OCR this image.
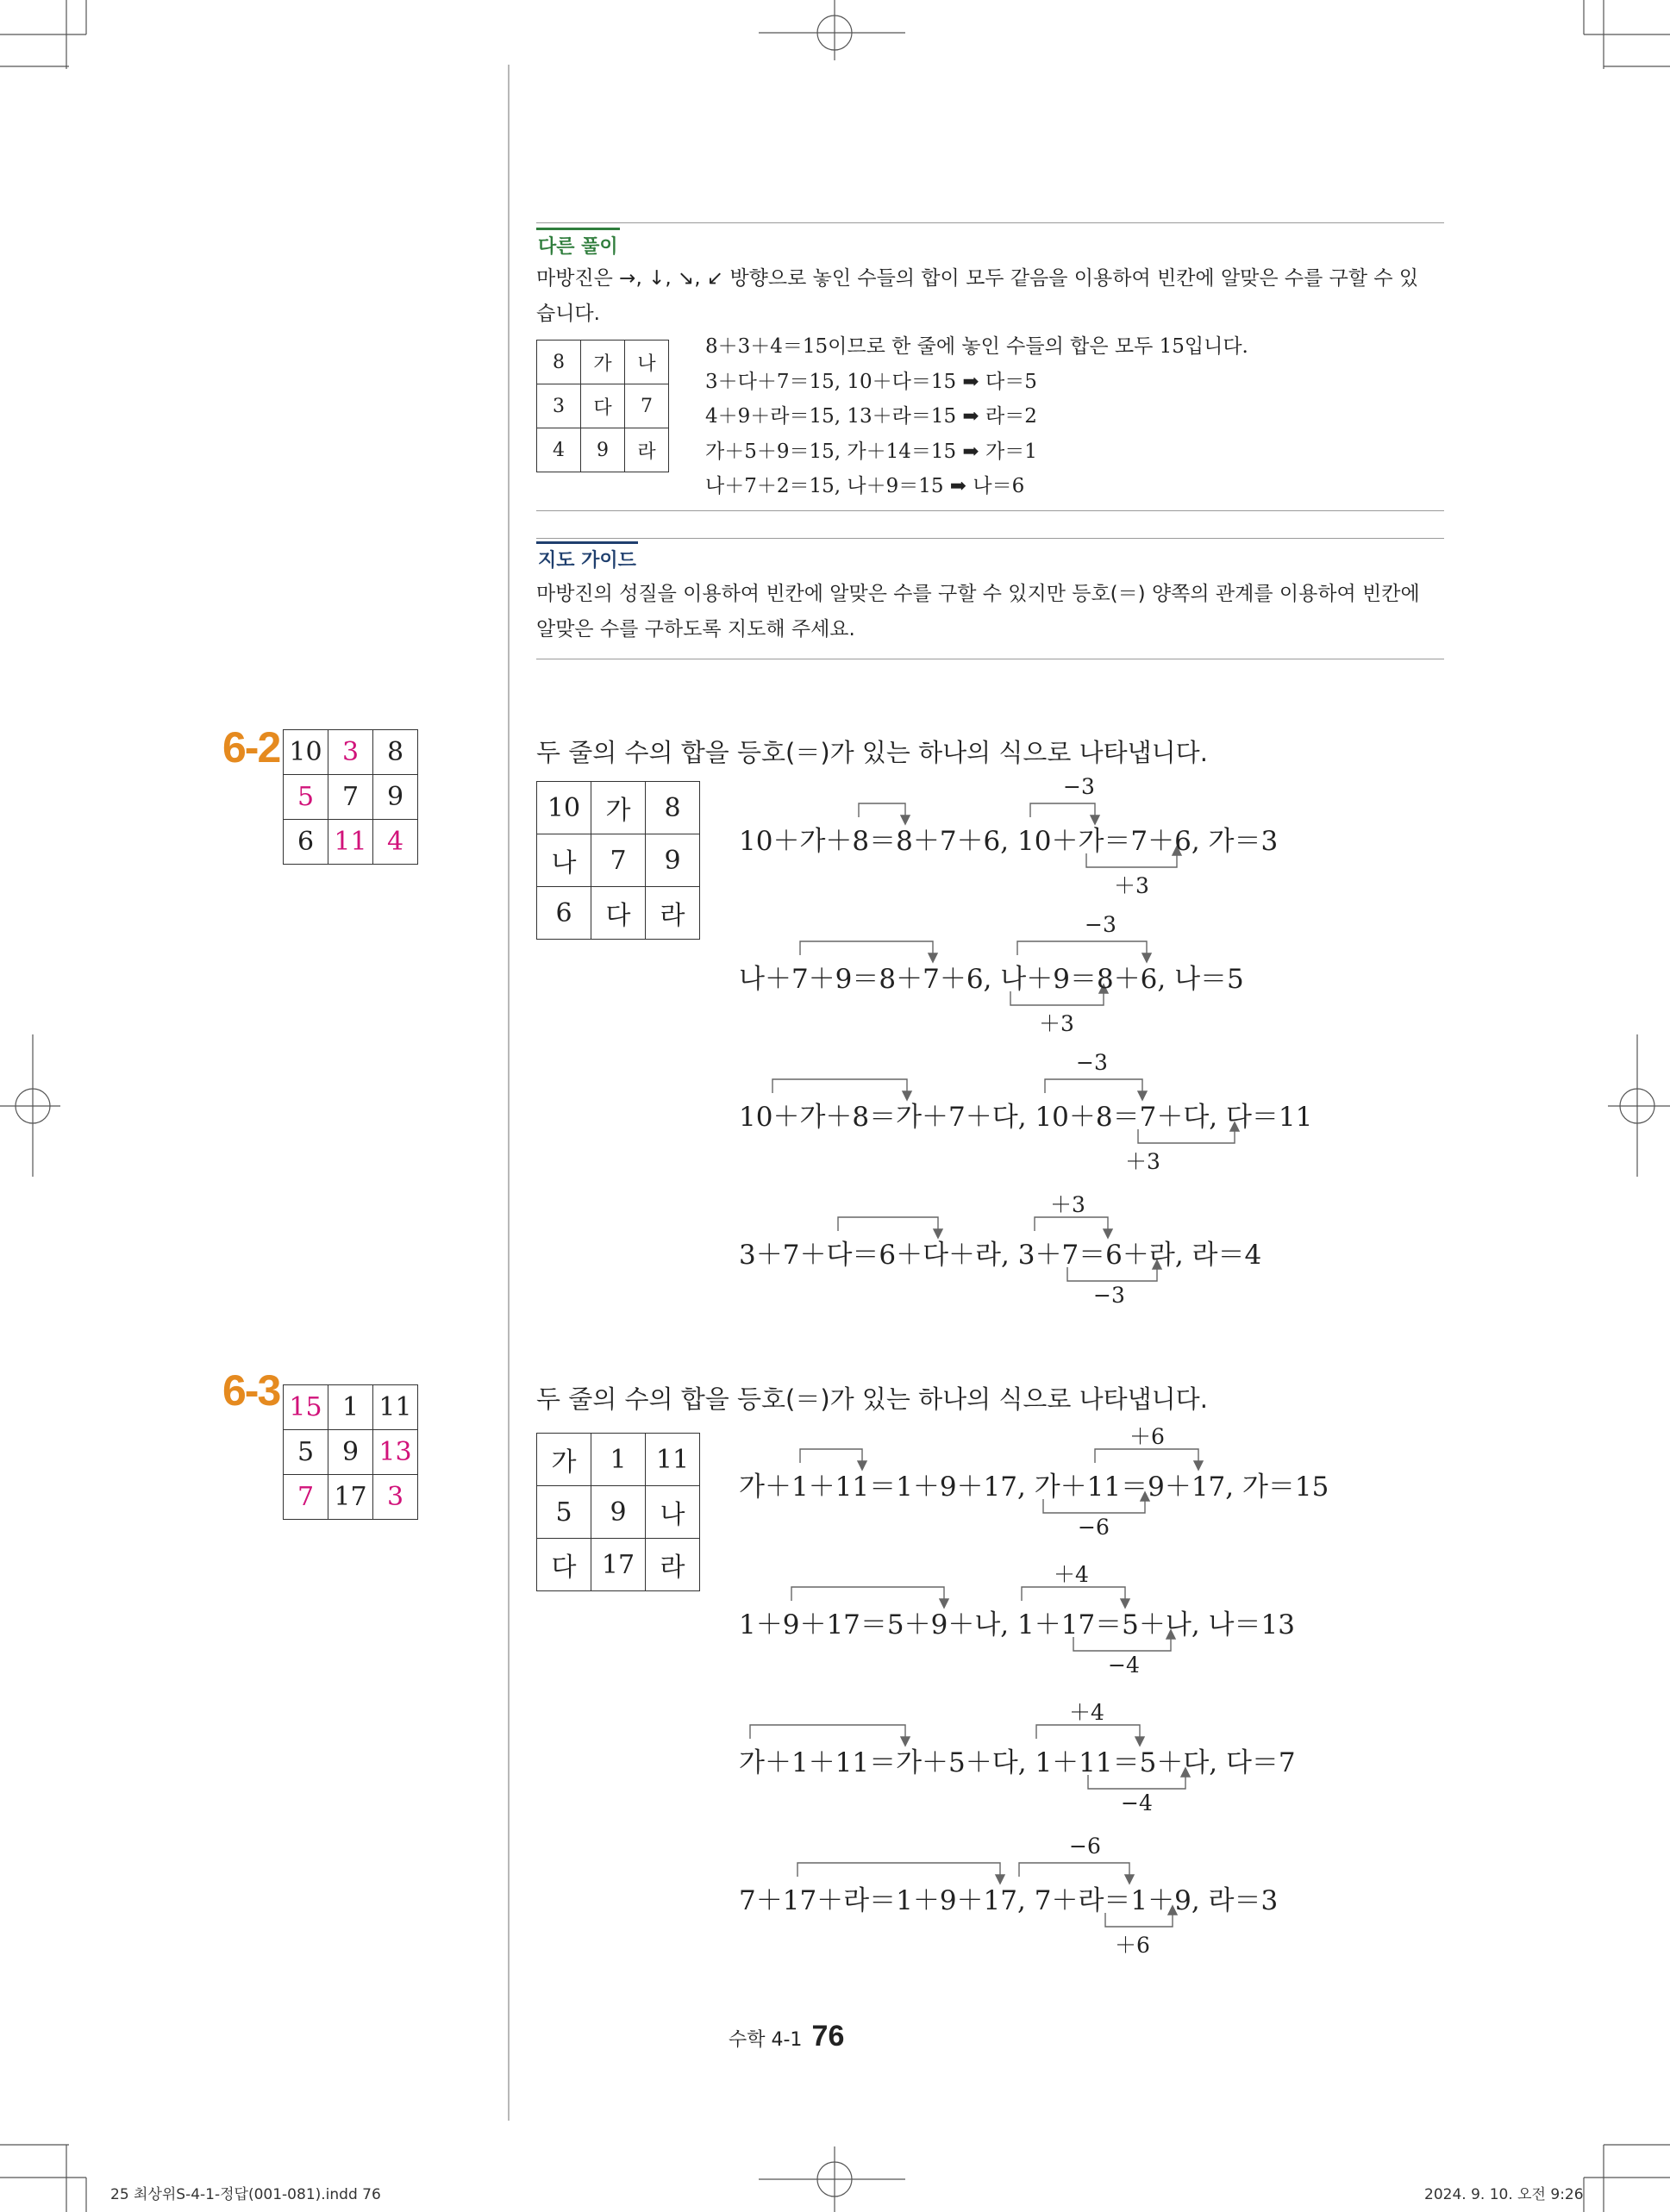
다른 풀이
마방진은 →, ↓, ↘, ↙ 방향으로 놓인 수들의 합이 모두 같음을 이용하여 빈칸에 알맞은 수를 구할 수 있
습니다.
8	가	나
3	다	7
4	9	라
8＋3＋4＝15이므로 한 줄에 놓인 수들의 합은 모두 15입니다.
3＋다＋7＝15, 10＋다＝15 ➡ 다＝5
4＋9＋라＝15, 13＋라＝15 ➡ 라＝2
가＋5＋9＝15, 가＋14＝15 ➡ 가＝1
나＋7＋2＝15, 나＋9＝15 ➡ 나＝6
지도 가이드
마방진의 성질을 이용하여 빈칸에 알맞은 수를 구할 수 있지만 등호(＝) 양쪽의 관계를 이용하여 빈칸에
알맞은 수를 구하도록 지도해 주세요.
6-2 10	3	8
5	7	9
6	11	4
두 줄의 수의 합을 등호(＝)가 있는 하나의 식으로 나타냅니다.
10	가	8
나	7	9
6	다	라
−3
10＋가＋8＝8＋7＋6, 10＋가＝7＋6, 가＝3
＋3
−3
나＋7＋9＝8＋7＋6, 나＋9＝8＋6, 나＝5
＋3
−3
10＋가＋8＝가＋7＋다, 10＋8＝7＋다, 다＝11
＋3
＋3
3＋7＋다＝6＋다＋라, 3＋7＝6＋라, 라＝4
−3
6-3 15	1	11
5	9	13
7	17	3
두 줄의 수의 합을 등호(＝)가 있는 하나의 식으로 나타냅니다.
가	1	11
5	9	나
다	17	라
＋6
가＋1＋11＝1＋9＋17, 가＋11＝9＋17, 가＝15
−6
＋4
1＋9＋17＝5＋9＋나, 1＋17＝5＋나, 나＝13
−4
＋4
가＋1＋11＝가＋5＋다, 1＋11＝5＋다, 다＝7
−4
−6
7＋17＋라＝1＋9＋17, 7＋라＝1＋9, 라＝3
＋6
수학 4-1 76
25 최상위S-4-1-정답(001-081).indd 76	2024. 9. 10. 오전 9:26
